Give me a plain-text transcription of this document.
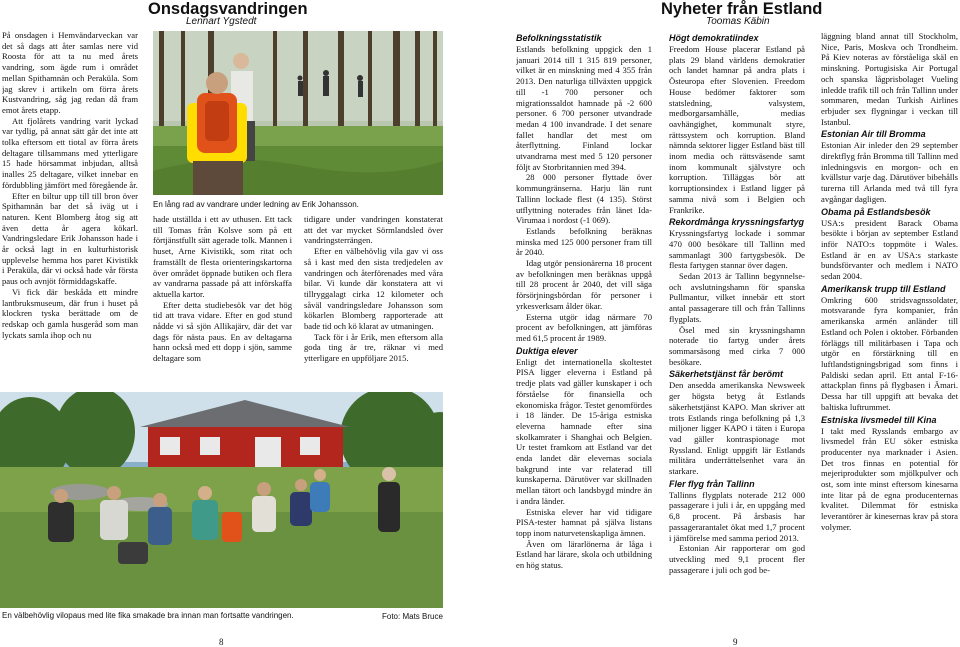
På onsdagen i Hemvändarveckan var det så dags att åter samlas nere vid Roosta för att ta nu med årets vandring, som ägde rum i området mellan Spithamnän och Peraküla. Som jag skrev i artikeln om förra årets Kustvandring, såg jag redan då fram emot årets etapp.

Att fjolårets vandring varit lyckad var tydlig, på annat sätt går det inte att tolka eftersom ett tiotal av förra årets deltagare tillsammans med ytterligare 15 hade hörsammat inbjudan, alltså inalles 25 deltagare, vilket innebar en fördubbling jämfört med föregående år.

Efter en biltur upp till till bron över Spithamnän bar det så iväg ut i naturen. Kent Blomberg åtog sig att även detta år agera kökarl. Vandringsledare Erik Johansson hade i år också lagt in en kulturhistorisk upplevelse hemma hos paret Kivistikk i Peraküla, där vi också hade vår första paus och avnjöt förmiddagskaffe.

Vi fick där beskåda ett mindre lantbruksmuseum, där frun i huset på klockren tyska berättade om de redskap och gamla husgeråd som man lyckats samla ihop och nu

Onsdagsvandringen
Lennart Ygstedt
En lång rad av vandrare under ledning av Erik Johansson.

hade utställda i ett av uthusen. Ett tack till Tomas från Kolsve som på ett förtjänstfullt sätt agerade tolk. Mannen i huset, Arne Kivistikk, som ritat och framställt de flesta orienteringskartorna över området öppnade butiken och flera av vandrarna passade på att införskaffa aktuella kartor.

Efter detta studiebesök var det hög tid att trava vidare. Efter en god stund nådde vi så sjön Allikajärv, där det var dags för nästa paus. En av deltagarna hann också med ett dopp i sjön, samme deltagare som

tidigare under vandringen konstaterat att det var mycket Sörmlandsled över vandringsterrängen.

Efter en välbehövlig vila gav vi oss så i kast med den sista tredjedelen av vandringen och återförenades med våra bilar. Vi kunde där konstatera att vi tillryggalagt cirka 12 kilometer och såväl vandringsledare Johansson som kökarlen Blomberg rapporterade att bade tid och kö klarat av utmaningen.

Tack för i år Erik, men eftersom alla goda ting är tre, räknar vi med ytterligare en uppföljare 2015.

En välbehövlig vilopaus med lite fika smakade bra innan man fortsatte vandringen.	Foto: Mats Bruce
8
Nyheter från Estland
Toomas Käbin
Befolkningsstatistik

Estlands befolkning uppgick den 1 januari 2014 till 1 315 819 personer, vilket är en minskning med 4 355 från 2013. Den naturliga tillväxten uppgick till -1 700 personer och migrationssaldot hamnade på -2 600 personer. 6 700 personer utvandrade medan 4 100 invandrade. I det senare fallet handlar det mest om återflyttning. Finland lockar utvandrarna mest med 5 120 personer följt av Storbritannien med 394.

28 000 personer flyttade över kommungränserna. Harju län runt Tallinn lockade flest (4 135). Störst utflyttning noterades från länet Ida-Virumaa i nordost (-1 069).

Estlands befolkning beräknas minska med 125 000 personer fram till år 2040.

Idag utgör pensionärerna 18 procent av befolkningen men beräknas uppgå till 28 procent år 2040, det vill säga försörjningsbördan för personer i yrkesverksam ålder ökar.

Esterna utgör idag närmare 70 procent av befolkningen, att jämföras med 61,5 procent år 1989.

Duktiga elever

Enligt det internationella skoltestet PISA ligger eleverna i Estland på tredje plats vad gäller kunskaper i och förståelse för finansiella och ekonomiska frågor. Testet genomfördes i 18 länder. De 15-åriga estniska eleverna hamnade efter sina skolkamrater i Shanghai och Belgien. Ur testet framkom att Estland var det enda landet där elevernas sociala bakgrund inte var relaterad till kunskaperna. Därutöver var skillnaden mellan tätort och landsbygd mindre än i andra länder.

Estniska elever har vid tidigare PISA-tester hamnat på själva listans topp inom naturvetenskapliga ämnen.

Även om lärarlönerna är låga i Estland har lärare, skola och utbildning en hög status.

Högt demokratiindex

Freedom House placerar Estland på plats 29 bland världens demokratier och landet hamnar på andra plats i Östeuropa efter Slovenien. Freedom House bedömer faktorer som statsledning, valsystem, medborgarsamhälle, medias oavhängighet, kommunalt styre, rättssystem och korruption. Bland nämnda sektorer ligger Estland bäst till inom media och rättsväsende samt inom kommunalt självstyre och korruption. Tilläggas bör att korruptionsindex i Estland ligger på samma nivå som i Belgien och Frankrike.

Rekordmånga kryssningsfartyg

Kryssningsfartyg lockade i sommar 470 000 besökare till Tallinn med sammanlagt 300 fartygsbesök. De flesta fartygen stannar över dagen.

Sedan 2013 är Tallinn begynnelse- och avslutningshamn för spanska Pullmantur, vilket innebär ett stort antal passagerare till och från Tallinns flygplats.

Ösel med sin kryssningshamn noterade tio fartyg under årets sommarsäsong med cirka 7 000 besökare.

Säkerhetstjänst får berömt

Den ansedda amerikanska Newsweek ger högsta betyg åt Estlands säkerhetstjänst KAPO. Man skriver att trots Estlands ringa befolkning på 1,3 miljoner ligger KAPO i täten i Europa vad gäller kontraspionage mot Ryssland. Enligt uppgift lär Estlands militära underrättelsenhet vara än starkare.

Fler flyg från Tallinn

Tallinns flygplats noterade 212 000 passagerare i juli i år, en uppgång med 6,8 procent. På årsbasis har passagerarantalet ökat med 1,7 procent i jämförelse med samma period 2013.

Estonian Air rapporterar om god utveckling med 9,1 procent fler passagerare i juli och god be-

läggning bland annat till Stockholm, Nice, Paris, Moskva och Trondheim. På Kiev noteras av förståeliga skäl en minskning. Portugisiska Air Portugal och spanska lågprisbolaget Vueling inledde trafik till och från Tallinn under sommaren, medan Turkish Airlines erbjuder sex flygningar i veckan till Istanbul.

Estonian Air till Bromma

Estonian Air inleder den 29 september direktflyg från Bromma till Tallinn med inledningsvis en morgon- och en kvällstur varje dag. Därutöver bibehålls turerna till Arlanda med två till fyra avgångar dagligen.

Obama på Estlandsbesök

USA:s president Barack Obama besökte i början av september Estland inför NATO:s toppmöte i Wales. Estland är en av USA:s starkaste bundsförvanter och medlem i NATO sedan 2004.

Amerikansk trupp till Estland

Omkring 600 stridsvagnssoldater, motsvarande fyra kompanier, från amerikanska armén anländer till Estland och Polen i oktober. Förbanden förläggs till militärbasen i Tapa och utgör en förstärkning till en luftlandstigningsbrigad som finns i Paldiski sedan april. Ett antal F-16-attackplan finns på flygbasen i Ämari. Dessa har till uppgift att bevaka det baltiska luftrummet.

Estniska livsmedel till Kina

I takt med Rysslands embargo av livsmedel från EU söker estniska producenter nya marknader i Asien. Det tros finnas en potential för mejeriprodukter som mjölkpulver och ost, som inte minst eftersom kinesarna inte litar på de egna producenternas kvalitet. Dilemmat för estniska leverantörer är kinesernas krav på stora volymer.

9
